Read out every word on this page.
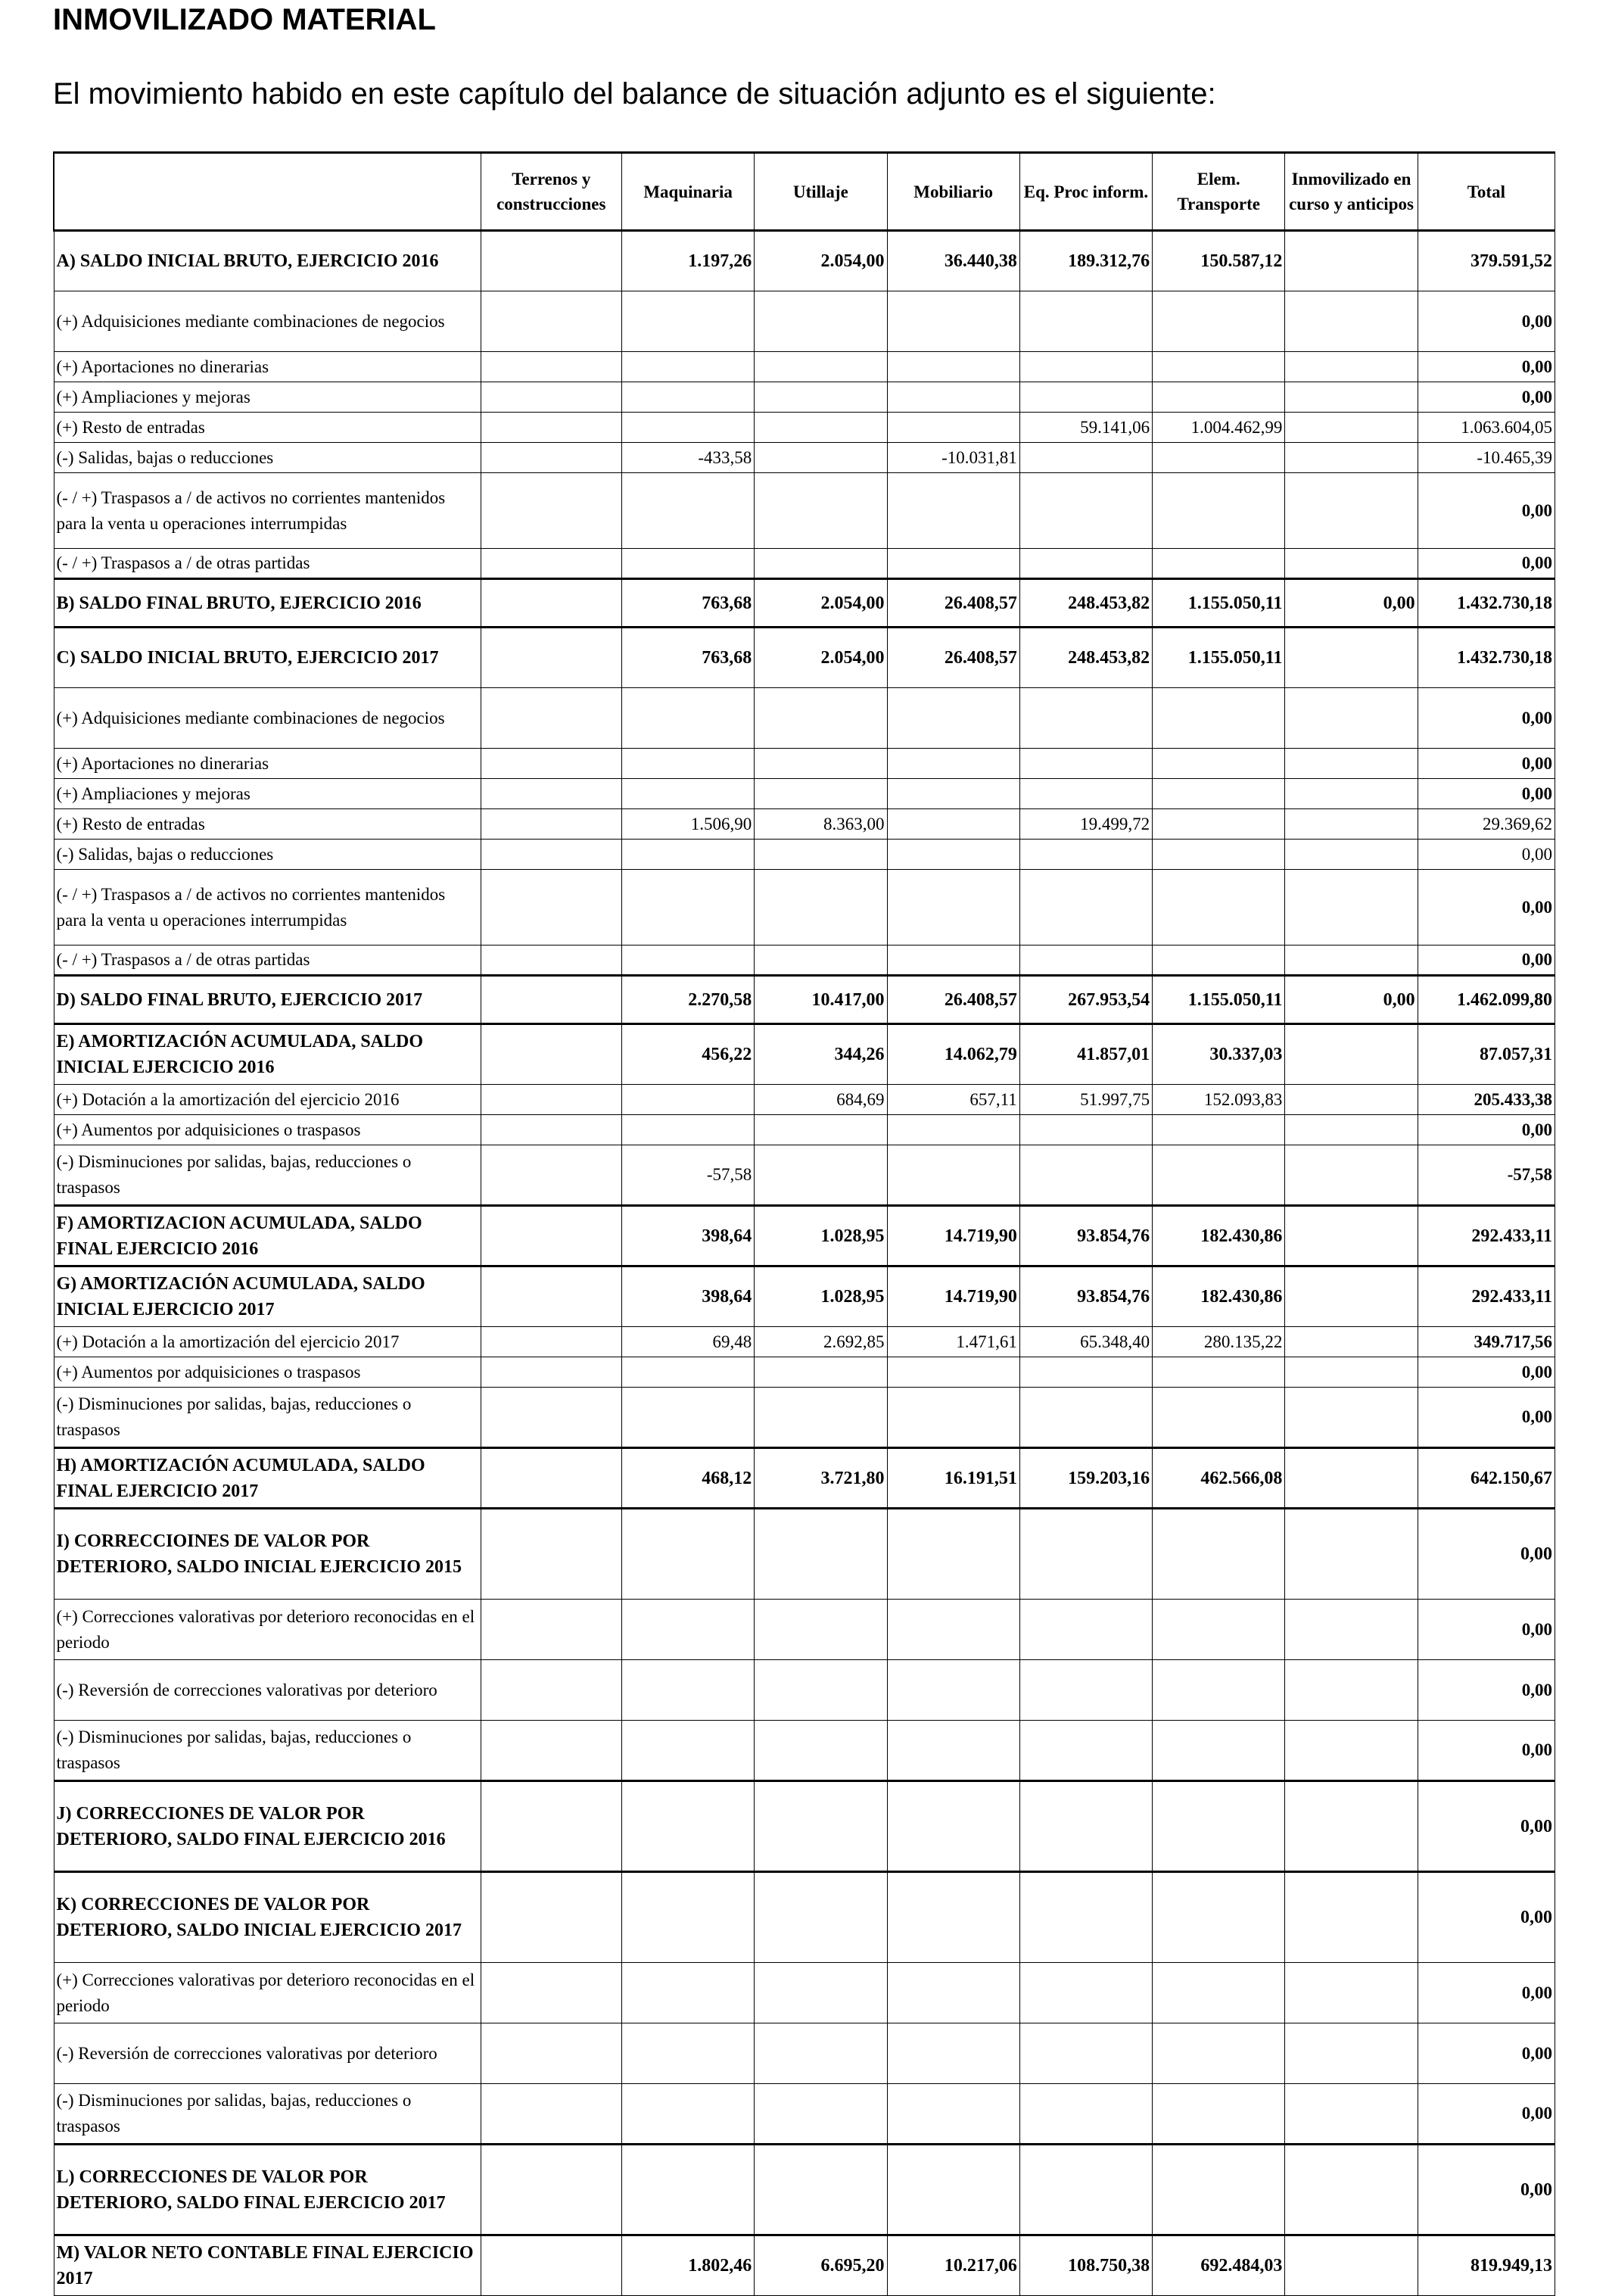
INMOVILIZADO MATERIAL

El movimiento habido en este capítulo del balance de situación adjunto es el siguiente:

	Terrenos y construcciones	Maquinaria	Utillaje	Mobiliario	Eq. Proc inform.	Elem. Transporte	Inmovilizado en curso y anticipos	Total
A) SALDO INICIAL BRUTO, EJERCICIO 2016		1.197,26	2.054,00	36.440,38	189.312,76	150.587,12		379.591,52
(+) Adquisiciones mediante combinaciones de negocios								0,00
(+) Aportaciones no dinerarias								0,00
(+) Ampliaciones y mejoras								0,00
(+) Resto de entradas					59.141,06	1.004.462,99		1.063.604,05
(-) Salidas, bajas o reducciones		-433,58		-10.031,81				-10.465,39
(- / +) Traspasos a / de activos no corrientes mantenidos para la venta u operaciones interrumpidas								0,00
(- / +) Traspasos a / de otras partidas								0,00
B) SALDO FINAL BRUTO, EJERCICIO 2016		763,68	2.054,00	26.408,57	248.453,82	1.155.050,11	0,00	1.432.730,18
C) SALDO INICIAL BRUTO, EJERCICIO 2017		763,68	2.054,00	26.408,57	248.453,82	1.155.050,11		1.432.730,18
(+) Adquisiciones mediante combinaciones de negocios								0,00
(+) Aportaciones no dinerarias								0,00
(+) Ampliaciones y mejoras								0,00
(+) Resto de entradas		1.506,90	8.363,00		19.499,72			29.369,62
(-) Salidas, bajas o reducciones								0,00
(- / +) Traspasos a / de activos no corrientes mantenidos para la venta u operaciones interrumpidas								0,00
(- / +) Traspasos a / de otras partidas								0,00
D) SALDO FINAL BRUTO, EJERCICIO 2017		2.270,58	10.417,00	26.408,57	267.953,54	1.155.050,11	0,00	1.462.099,80
E) AMORTIZACIÓN ACUMULADA, SALDO INICIAL EJERCICIO 2016		456,22	344,26	14.062,79	41.857,01	30.337,03		87.057,31
(+) Dotación a la amortización del ejercicio 2016			684,69	657,11	51.997,75	152.093,83		205.433,38
(+) Aumentos por adquisiciones o traspasos								0,00
(-) Disminuciones por salidas, bajas, reducciones o traspasos		-57,58						-57,58
F) AMORTIZACION ACUMULADA, SALDO FINAL EJERCICIO 2016		398,64	1.028,95	14.719,90	93.854,76	182.430,86		292.433,11
G) AMORTIZACIÓN ACUMULADA, SALDO INICIAL EJERCICIO 2017		398,64	1.028,95	14.719,90	93.854,76	182.430,86		292.433,11
(+) Dotación a la amortización del ejercicio 2017		69,48	2.692,85	1.471,61	65.348,40	280.135,22		349.717,56
(+) Aumentos por adquisiciones o traspasos								0,00
(-) Disminuciones por salidas, bajas, reducciones o traspasos								0,00
H) AMORTIZACIÓN ACUMULADA, SALDO FINAL EJERCICIO 2017		468,12	3.721,80	16.191,51	159.203,16	462.566,08		642.150,67
I) CORRECCIOINES DE VALOR POR DETERIORO, SALDO INICIAL EJERCICIO 2015								0,00
(+) Correcciones valorativas por deterioro reconocidas en el periodo								0,00
(-) Reversión de correcciones valorativas por deterioro								0,00
(-) Disminuciones por salidas, bajas, reducciones o traspasos								0,00
J) CORRECCIONES DE VALOR POR DETERIORO, SALDO FINAL EJERCICIO 2016								0,00
K) CORRECCIONES DE VALOR POR DETERIORO, SALDO INICIAL EJERCICIO 2017								0,00
(+) Correcciones valorativas por deterioro reconocidas en el periodo								0,00
(-) Reversión de correcciones valorativas por deterioro								0,00
(-) Disminuciones por salidas, bajas, reducciones o traspasos								0,00
L) CORRECCIONES DE VALOR POR DETERIORO, SALDO FINAL EJERCICIO 2017								0,00
M) VALOR NETO CONTABLE FINAL EJERCICIO 2017		1.802,46	6.695,20	10.217,06	108.750,38	692.484,03		819.949,13
